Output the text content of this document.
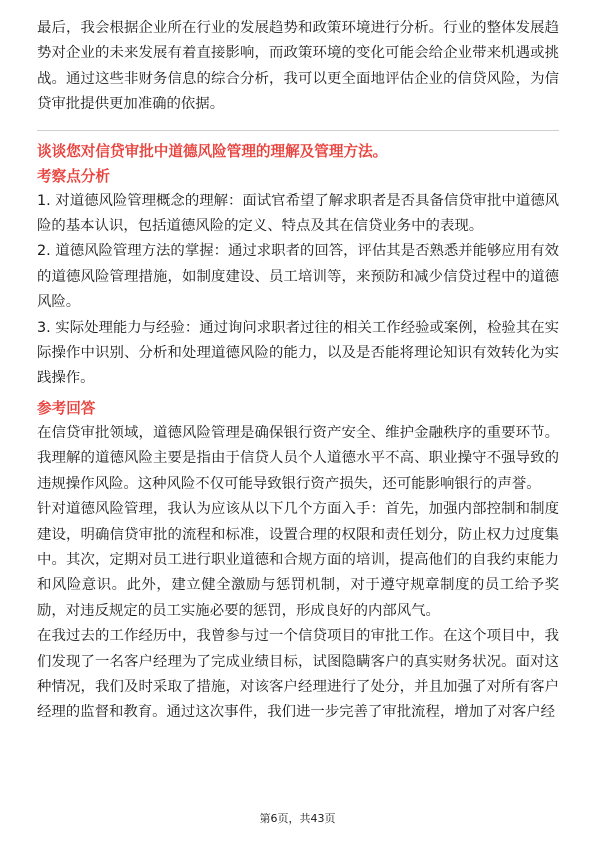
最后，我会根据企业所在行业的发展趋势和政策环境进行分析。行业的整体发展趋势对企业的未来发展有着直接影响，而政策环境的变化可能会给企业带来机遇或挑战。通过这些非财务信息的综合分析，我可以更全面地评估企业的信贷风险，为信贷审批提供更加准确的依据。

谈谈您对信贷审批中道德风险管理的理解及管理方法。

考察点分析

1. 对道德风险管理概念的理解：面试官希望了解求职者是否具备信贷审批中道德风险的基本认识，包括道德风险的定义、特点及其在信贷业务中的表现。

2. 道德风险管理方法的掌握：通过求职者的回答，评估其是否熟悉并能够应用有效的道德风险管理措施，如制度建设、员工培训等，来预防和减少信贷过程中的道德风险。

3. 实际处理能力与经验：通过询问求职者过往的相关工作经验或案例，检验其在实际操作中识别、分析和处理道德风险的能力，以及是否能将理论知识有效转化为实践操作。

参考回答

在信贷审批领域，道德风险管理是确保银行资产安全、维护金融秩序的重要环节。我理解的道德风险主要是指由于信贷人员个人道德水平不高、职业操守不强导致的违规操作风险。这种风险不仅可能导致银行资产损失，还可能影响银行的声誉。

针对道德风险管理，我认为应该从以下几个方面入手：首先，加强内部控制和制度建设，明确信贷审批的流程和标准，设置合理的权限和责任划分，防止权力过度集中。其次，定期对员工进行职业道德和合规方面的培训，提高他们的自我约束能力和风险意识。此外，建立健全激励与惩罚机制，对于遵守规章制度的员工给予奖励，对违反规定的员工实施必要的惩罚，形成良好的内部风气。

在我过去的工作经历中，我曾参与过一个信贷项目的审批工作。在这个项目中，我们发现了一名客户经理为了完成业绩目标，试图隐瞒客户的真实财务状况。面对这种情况，我们及时采取了措施，对该客户经理进行了处分，并且加强了对所有客户经理的监督和教育。通过这次事件，我们进一步完善了审批流程，增加了对客户经

第6页，共43页
